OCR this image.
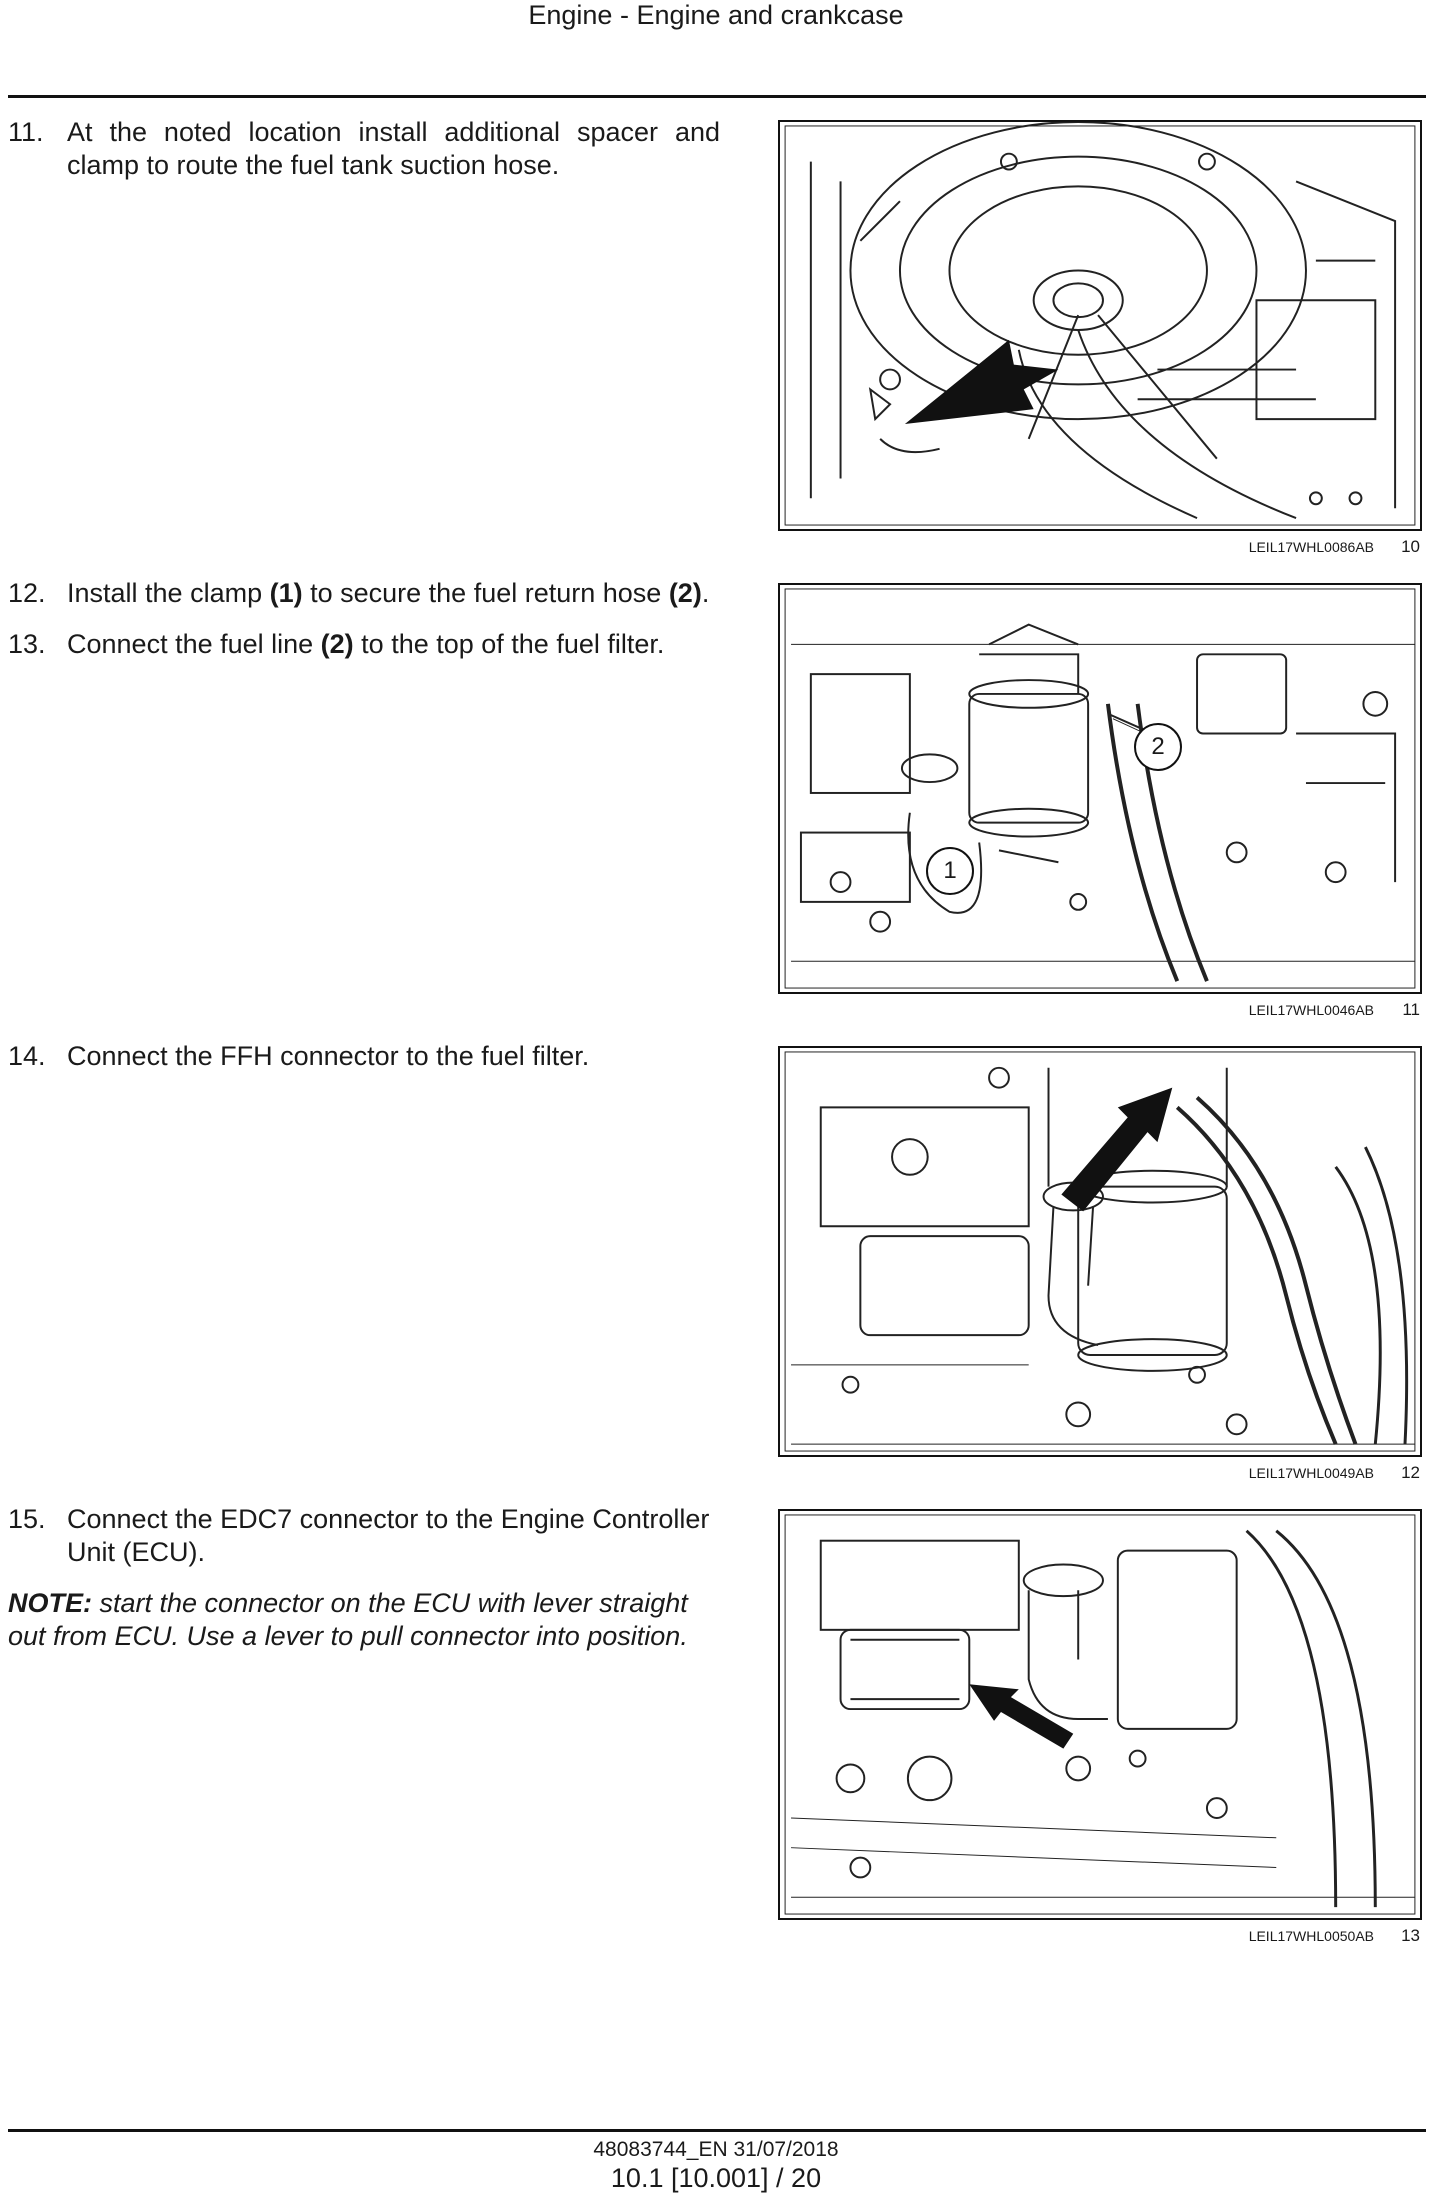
Engine - Engine and crankcase
11. At the noted location install additional spacer and clamp to route the fuel tank suction hose.
LEIL17WHL0086AB 10
12. Install the clamp (1) to secure the fuel return hose (2).
13. Connect the fuel line (2) to the top of the fuel filter.
1
2
LEIL17WHL0046AB 11
14. Connect the FFH connector to the fuel filter.
LEIL17WHL0049AB 12
15. Connect the EDC7 connector to the Engine Controller Unit (ECU).
NOTE: start the connector on the ECU with lever straight out from ECU. Use a lever to pull connector into position.
LEIL17WHL0050AB 13
48083744_EN 31/07/2018
10.1 [10.001] / 20
